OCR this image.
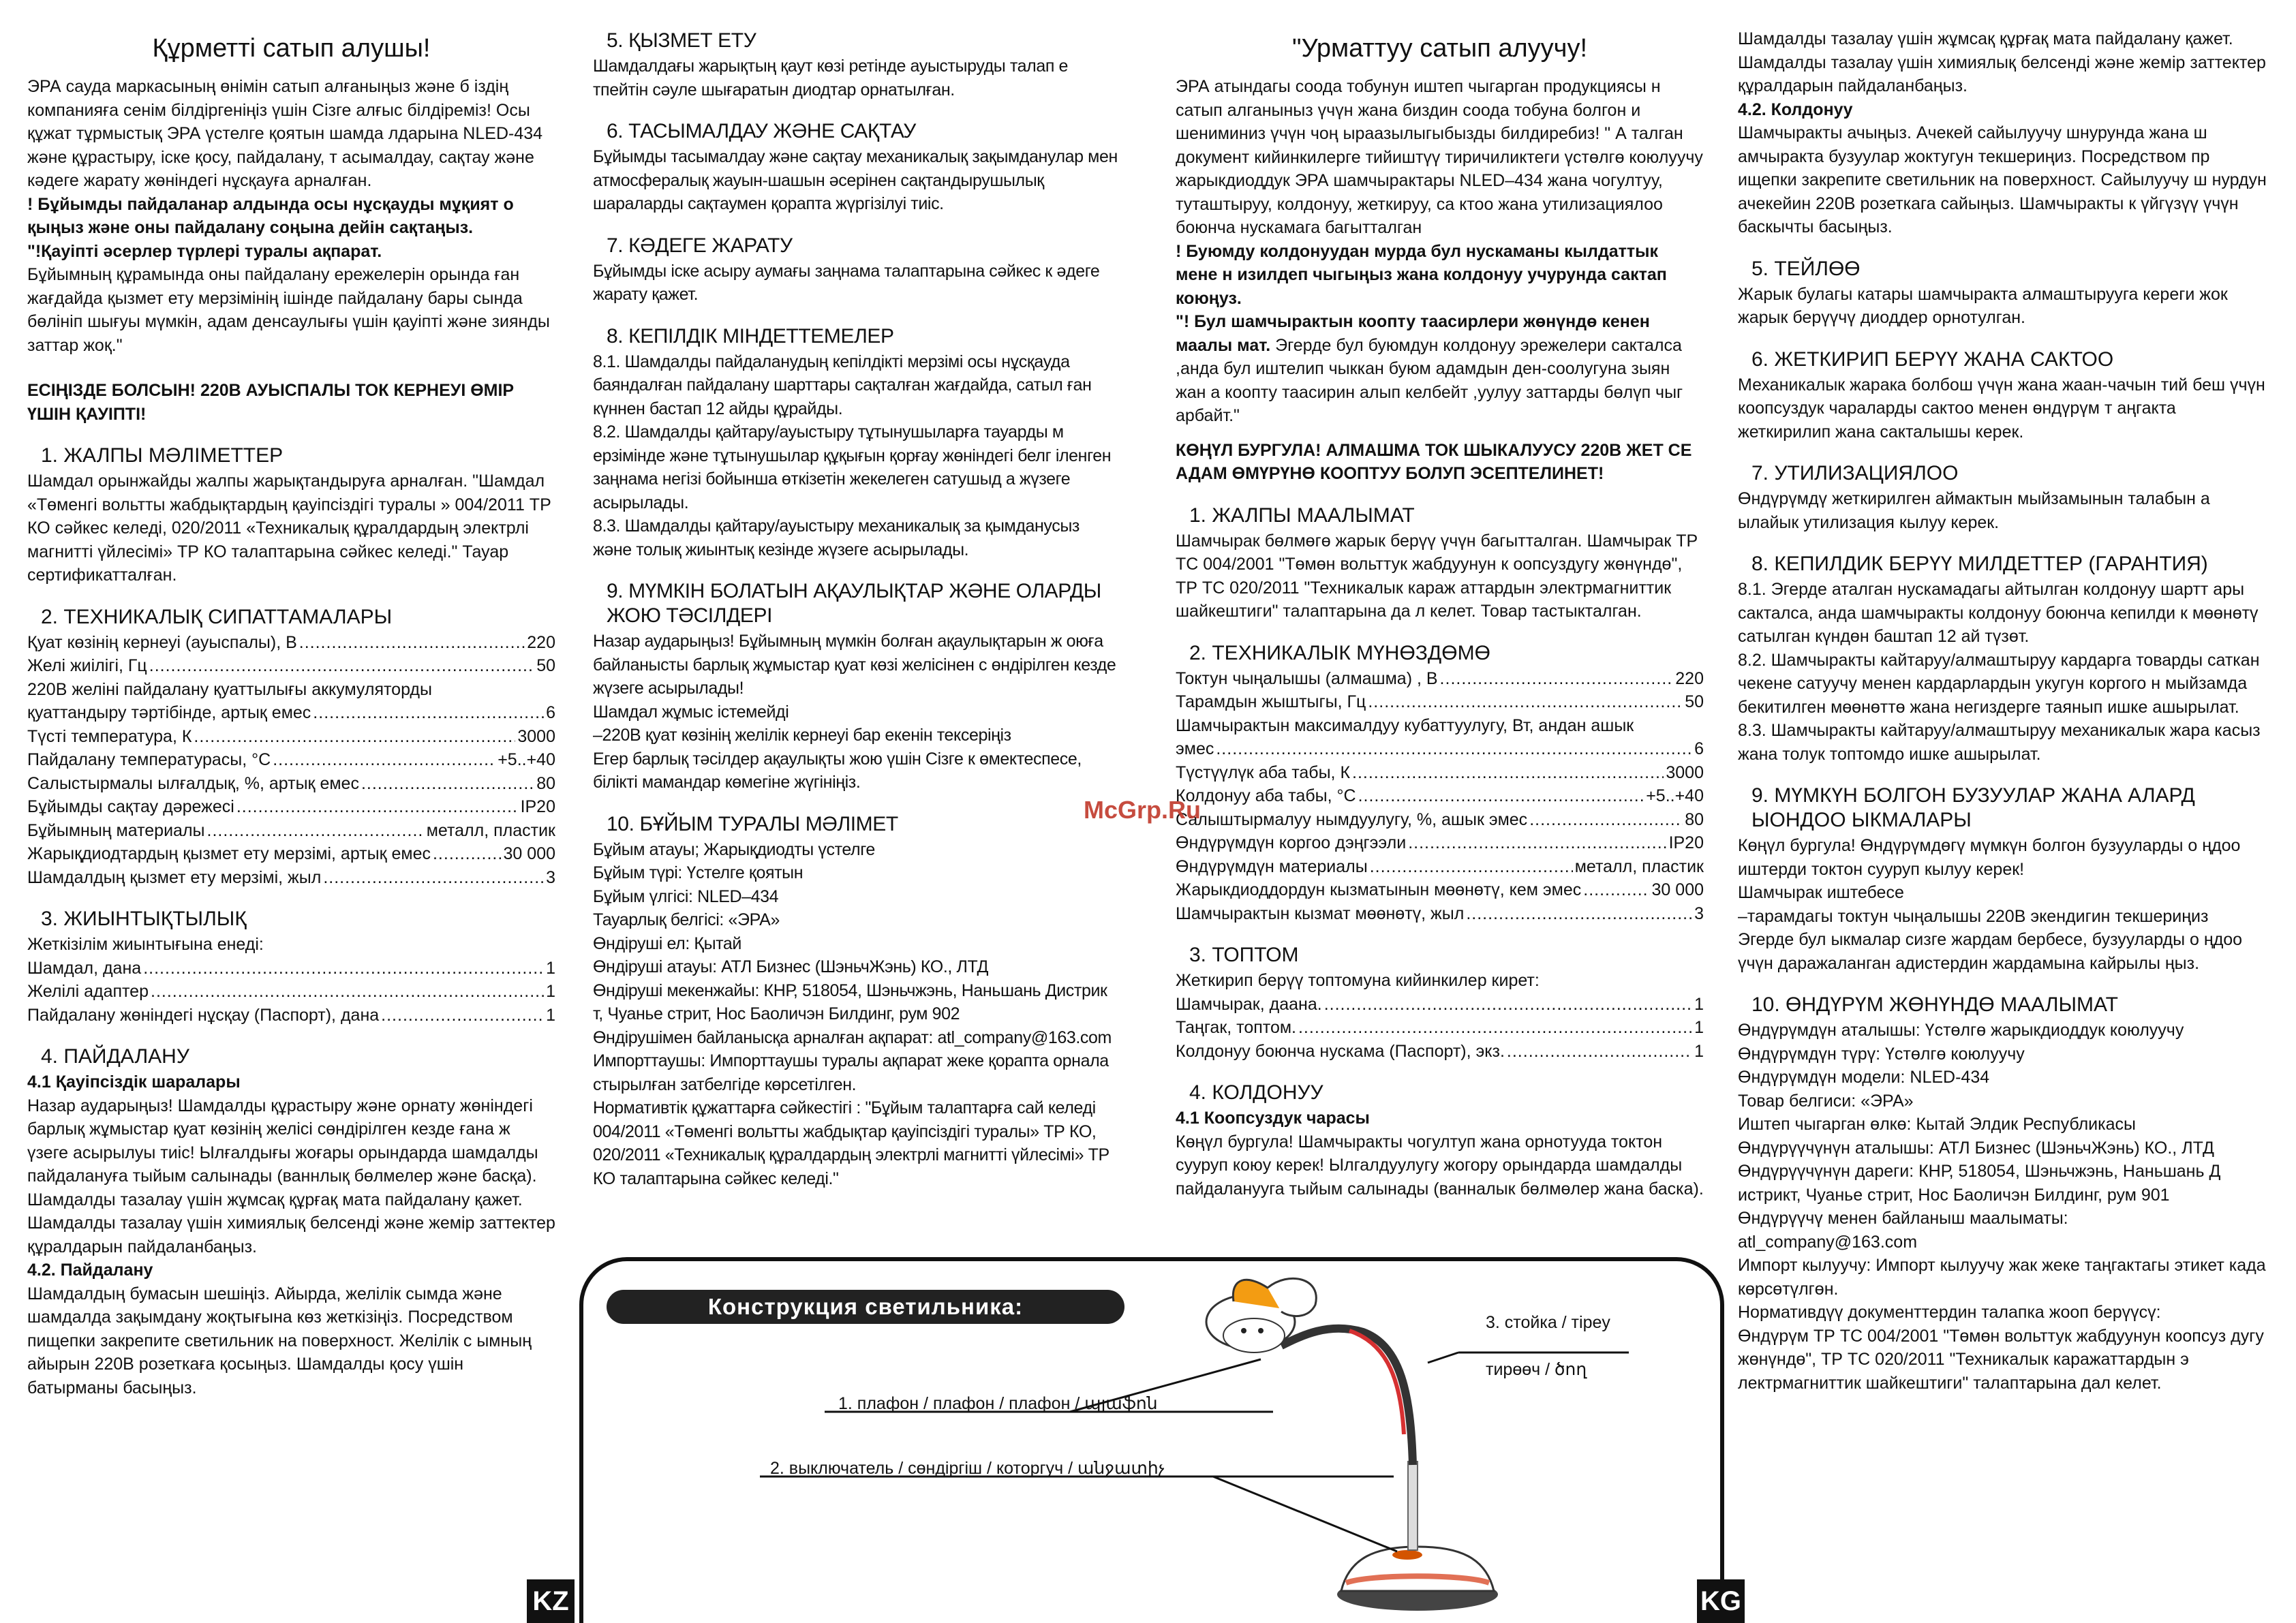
Құрметті сатып алушы!

ЭРА сауда маркасының өнімін сатып алғаныңыз және б іздің компанияға сенім білдіргеніңіз үшін Сізге алғыс білдіреміз! Осы құжат тұрмыстық ЭРА үстелге қоятын шамда лдарына NLED-434 және құрастыру, іске қосу, пайдалану, т асымалдау, сақтау және кәдеге жарату жөніндегі нұсқауға арналған.

! Бұйымды пайдаланар алдында осы нұсқауды мұқият о қыңыз және оны пайдалану соңына дейін сақтаңыз.

"!Қауіпті әсерлер түрлері туралы ақпарат.

Бұйымның құрамында оны пайдалану ережелерін орында ған жағдайда қызмет ету мерзімінің ішінде пайдалану бары сында бөлініп шығуы мүмкін, адам денсаулығы үшін қауіпті және зиянды заттар жоқ."

ЕСІҢІЗДЕ БОЛСЫН! 220В АУЫСПАЛЫ ТОК КЕРНЕУІ ӨМІР ҮШІН ҚАУІПТІ!

1. ЖАЛПЫ МӘЛІМЕТТЕР

Шамдал орынжайды жалпы жарықтандыруға арналған. "Шамдал «Төменгі вольтты жабдықтардың қауіпсіздігі туралы » 004/2011 ТР КО сәйкес келеді, 020/2011 «Техникалық құралдардың электрлі магнитті үйлесімі» ТР КО талаптарына сәйкес келеді." Тауар сертификатталған.

2. ТЕХНИКАЛЫҚ СИПАТТАМАЛАРЫ
Қуат көзінің кернеуі (ауыспалы), В .....	220
Желі жиілігі, Гц .....	50
220В желіні пайдалану қуаттылығы аккумуляторды
қуаттандыру тәртібінде, артық емес .....	6
Түсті температура, К .....	3000
Пайдалану температурасы, °С .....	+5..+40
Салыстырмалы ылғалдық, %, артық емес .....	80
Бұйымды сақтау дәрежесі .....	IP20
Бұйымның материалы .....	металл, пластик
Жарықдиодтардың қызмет ету мерзімі, артық емес .....	30 000
Шамдалдың қызмет ету мерзімі, жыл .....	3
3. ЖИЫНТЫҚТЫЛЫҚ

Жеткізілім жиынтығына енеді:

Шамдал, дана .....	1
Желілі адаптер .....	1
Пайдалану жөніндегі нұсқау (Паспорт), дана .....	1
4. ПАЙДАЛАНУ

4.1 Қауіпсіздік шаралары

Назар аударыңыз! Шамдалды құрастыру және орнату жөніндегі барлық жұмыстар қуат көзінің желісі сөндірілген кезде ғана ж үзеге асырылуы тиіс! Ылғалдығы жоғары орындарда шамдалды пайдалануға тыйым салынады (ваннлық бөлмелер және басқа). Шамдалды тазалау үшін жұмсақ құрғақ мата пайдалану қажет. Шамдалды тазалау үшін химиялық белсенді және жемір заттектер құралдарын пайдаланбаңыз.

4.2. Пайдалану

Шамдалдың бумасын шешіңіз. Айырда, желілік сымда және шамдалда зақымдану жоқтығына көз жеткізіңіз. Посредством пищепки закрепите светильник на поверхност. Желілік с ымның айырын 220В розеткаға қосыңыз. Шамдалды қосу үшін батырманы басыңыз.

5. ҚЫЗМЕТ ЕТУ

Шамдалдағы жарықтың қаут көзі ретінде ауыстыруды талап е тпейтін сәуле шығаратын диодтар орнатылған.

6. ТАСЫМАЛДАУ ЖӘНЕ САҚТАУ

Бұйымды тасымалдау және сақтау механикалық зақымданулар мен атмосфералық жауын-шашын әсерінен сақтандырушылық шараларды сақтаумен қорапта жүргізілуі тиіс.

7. КӘДЕГЕ ЖАРАТУ

Бұйымды іске асыру аумағы заңнама талаптарына сәйкес к әдеге жарату қажет.

8. КЕПІЛДІК МІНДЕТТЕМЕЛЕР

8.1. Шамдалды пайдаланудың кепілдікті мерзімі осы нұсқауда баяндалған пайдалану шарттары сақталған жағдайда, сатыл ған күннен бастап 12 айды құрайды.

8.2. Шамдалды қайтару/ауыстыру тұтынушыларға тауарды м ерзімінде және тұтынушылар құқығын қорғау жөніндегі белг іленген заңнама негізі бойынша өткізетін жекелеген сатушыд а жүзеге асырылады.

8.3. Шамдалды қайтару/ауыстыру механикалық за қымданусыз және толық жиынтық кезінде жүзеге асырылады.

9. МҮМКІН БОЛАТЫН АҚАУЛЫҚТАР ЖӘНЕ ОЛАРДЫ ЖОЮ ТӘСІЛДЕРІ

Назар аударыңыз! Бұйымның мүмкін болған ақаулықтарын ж оюға байланысты барлық жұмыстар қуат көзі желісінен с өндірілген кезде жүзеге асырылады!

Шамдал жұмыс істемейді

–220В қуат көзінің желілік кернеуі бар екенін тексеріңіз

Егер барлық тәсілдер ақаулықты жою үшін Сізге к өмектеспесе, білікті мамандар көмегіне жүгініңіз.

10. БҰЙЫМ ТУРАЛЫ МӘЛІМЕТ

Бұйым атауы; Жарықдиодты үстелге

Бұйым түрі: Үстелге қоятын

Бұйым үлгісі: NLED–434

Тауарлық белгісі: «ЭРА»

Өндіруші ел: Қытай

Өндіруші атауы: АТЛ Бизнес (ШэньчЖэнь) КО., ЛТД

Өндіруші мекенжайы: КНР, 518054, Шэньчжэнь, Наньшань Дистрик т, Чуанье стрит, Нос Баоличэн Билдинг, рум 902

Өндірушімен байланысқа арналған ақпарат: atl_company@163.com

Импорттаушы: Импорттаушы туралы ақпарат жеке қорапта орнала стырылған затбелгіде көрсетілген.

Нормативтік құжаттарға сәйкестігі : "Бұйым талаптарға сай келеді 004/2011 «Төменгі вольтты жабдықтар қауіпсіздігі туралы» ТР КО, 020/2011 «Техникалық құралдардың электрлі магнитті үйлесімі» ТР КО талаптарына сәйкес келеді."

"Урматтуу сатып алуучу!

ЭРА атындагы соода тобунун иштеп чыгарган продукциясы н сатып алганыныз үчүн жана биздин соода тобуна болгон и шениминиз үчүн чоң ыраазылыгыбызды билдиребиз! " А талган документ кийинкилерге тийиштүү тиричиликтеги үстөлгө коюлуучу жарыкдиоддук ЭРА шамчырактары NLED–434 жана чогултуу, туташтыруу, колдонуу, жеткируу, са ктоо жана утилизациялоо боюнча нускамага багытталган

! Буюмду колдонуудан мурда бул нускаманы кылдаттык мене н изилдеп чыгыңыз жана колдонуу учурунда сактап коюңуз.

"! Бул шамчырактын коопту таасирлери жөнүндө кенен маалы мат. Эгерде бул буюмдун колдонуу эрежелери сакталса ,анда бул иштелип чыккан буюм адамдын ден-соолугуна зыян жан а коопту таасирин алып келбейт ,уулуу заттарды бөлүп чыг арбайт."

КӨҢҮЛ БУРГУЛА! АЛМАШМА ТОК ШЫКАЛУУСУ 220В ЖЕТ СЕ АДАМ ӨМҮРҮНӨ КООПТУУ БОЛУП ЭСЕПТЕЛИНЕТ!

1. ЖАЛПЫ МААЛЫМАТ

Шамчырак бөлмөгө жарык берүү үчүн багытталган. Шамчырак ТР ТС 004/2001 "Төмөн вольттук жабдуунун к оопсуздугу жөнүндө", ТР ТС 020/2011 "Техникалык караж аттардын электрмагниттик шайкештиги" талаптарына да л келет. Товар тастыкталган.

2. ТЕХНИКАЛЫК МҮНӨЗДӨМӨ
Токтун чыңалышы (алмашма) , В .....	220
Тарамдын жыштыгы, Гц .....	50
Шамчырактын максималдуу кубаттуулугу, Вт, андан ашык
эмес .....	6
Түстүүлүк аба табы, К .....	3000
Колдонуу аба табы, °С .....	+5..+40
Салыштырмалуу нымдуулугу, %, ашык эмес .....	80
Өндүрүмдүн коргоо дэңгээли .....	IP20
Өндүрүмдүн материалы .....	металл, пластик
Жарыкдиоддордун кызматынын мөөнөтү, кем эмес .....	30 000
Шамчырактын кызмат мөөнөтү, жыл .....	3
3. ТОПТОМ

Жеткирип берүү топтомуна кийинкилер кирет:

Шамчырак, даана. .....	1
Таңгак, топтом. .....	1
Колдонуу боюнча нускама (Паспорт), экз. .....	1
4. КОЛДОНУУ

4.1 Коопсуздук чарасы

Көңүл бургула! Шамчыракты чогултуп жана орнотууда токтон сууруп коюу керек! Ылгалдуулугу жогору орындарда шамдалды пайдаланууга тыйым салынады (ванналык бөлмөлер жана баска).

Шамдалды тазалау үшін жұмсақ құрғақ мата пайдалану қажет. Шамдалды тазалау үшін химиялық белсенді және жемір заттектер құралдарын пайдаланбаңыз.

4.2. Колдонуу

Шамчыракты ачыңыз. Ачекей сайылуучу шнурунда жана ш амчыракта бузуулар жоктугун текшериңиз. Посредством пр ищепки закрепите светильник на поверхност. Сайылуучу ш нурдун ачекейин 220В розеткага сайыңыз. Шамчыракты к үйгүзүү үчүн баскычты басыңыз.

5. ТЕЙЛӨӨ

Жарык булагы катары шамчыракта алмаштырууга кереги жок жарык берүүчү диоддер орнотулган.

6. ЖЕТКИРИП БЕРҮҮ ЖАНА САКТОО

Механикалык жаракa болбош үчүн жана жаан-чачын тий беш үчүн коопсуздук чараларды сактоо менен өндүрүм т аңгакта жеткирилип жана сакталышы керек.

7. УТИЛИЗАЦИЯЛОО

Өндүрүмдү жеткирилген аймактын мыйзамынын талабын а ылайык утилизация кылуу керек.

8. КЕПИЛДИК БЕРҮҮ МИЛДЕТТЕР (ГАРАНТИЯ)

8.1. Эгерде аталган нускамадагы айтылган колдонуу шартт ары сакталса, анда шамчыракты колдонуу боюнча кепилди к мөөнөтү сатылган күндөн баштап 12 ай түзөт.

8.2. Шамчыракты кайтаруу/алмаштыруу кардарга товарды саткан чекене сатуучу менен кардарлардын укугун коргого н мыйзамда бекитилген мөөнөттө жана негиздерге таянып ишке ашырылат.

8.3. Шамчыракты кайтаруу/алмаштыруу механикалык жара касыз жана толук топтомдо ишке ашырылат.

9. МҮМКҮН БОЛГОН БУЗУУЛАР ЖАНА АЛАРД ЫОНДОО ЫКМАЛАРЫ

Көңүл бургула! Өндүрүмдөгү мүмкүн болгон бузууларды о ңдоо иштерди токтон сууруп кылуу керек!

Шамчырак иштебесе

–тарамдагы токтун чыңалышы 220В экендигин текшериңиз

Эгерде бул ыкмалар сизге жардам бербесе, бузууларды о ңдоо үчүн даражаланган адистердин жардамына кайрылы ңыз.

10. ӨНДҮРҮМ ЖӨНҮНДӨ МААЛЫМАТ

Өндүрүмдүн аталышы: Үстөлгө жарыкдиоддук коюлуучу

Өндүрүмдүн түрү: Үстөлгө коюлуучу

Өндүрүмдүн модели: NLED-434

Товар белгиси: «ЭРА»

Иштеп чыгарган өлкө: Кытай Элдик Республикасы

Өндүрүүчүнүн аталышы: АТЛ Бизнес (ШэньчЖэнь) КО., ЛТД

Өндүрүүчүнүн дареги: КНР, 518054, Шэньчжэнь, Наньшань Д истрикт, Чуанье стрит, Нос Баоличэн Билдинг, рум 901

Өндүрүүчү менен байланыш маалыматы:

atl_company@163.com

Импорт кылуучу: Импорт кылуучу жак жеке таңгактагы этикет када көрсөтүлгөн.

Нормативдүү документтердин талапка жооп берүүсү:

Өндүрүм ТР ТС 004/2001 "Төмөн вольттук жабдуунун коопсуз дугу жөнүндө", ТР ТС 020/2011 "Техникалык каражаттардын э лектрмагниттик шайкештиги" талаптарына дал келет.

Конструкция светильника:
1. плафон / плафон / плафон / պլաֆոն
2. выключатель / сөндіргіш / которгуч / անջատիչ
3. стойка / тірeу
тирөөч / ծող
KZ	KG
McGrp.Ru
